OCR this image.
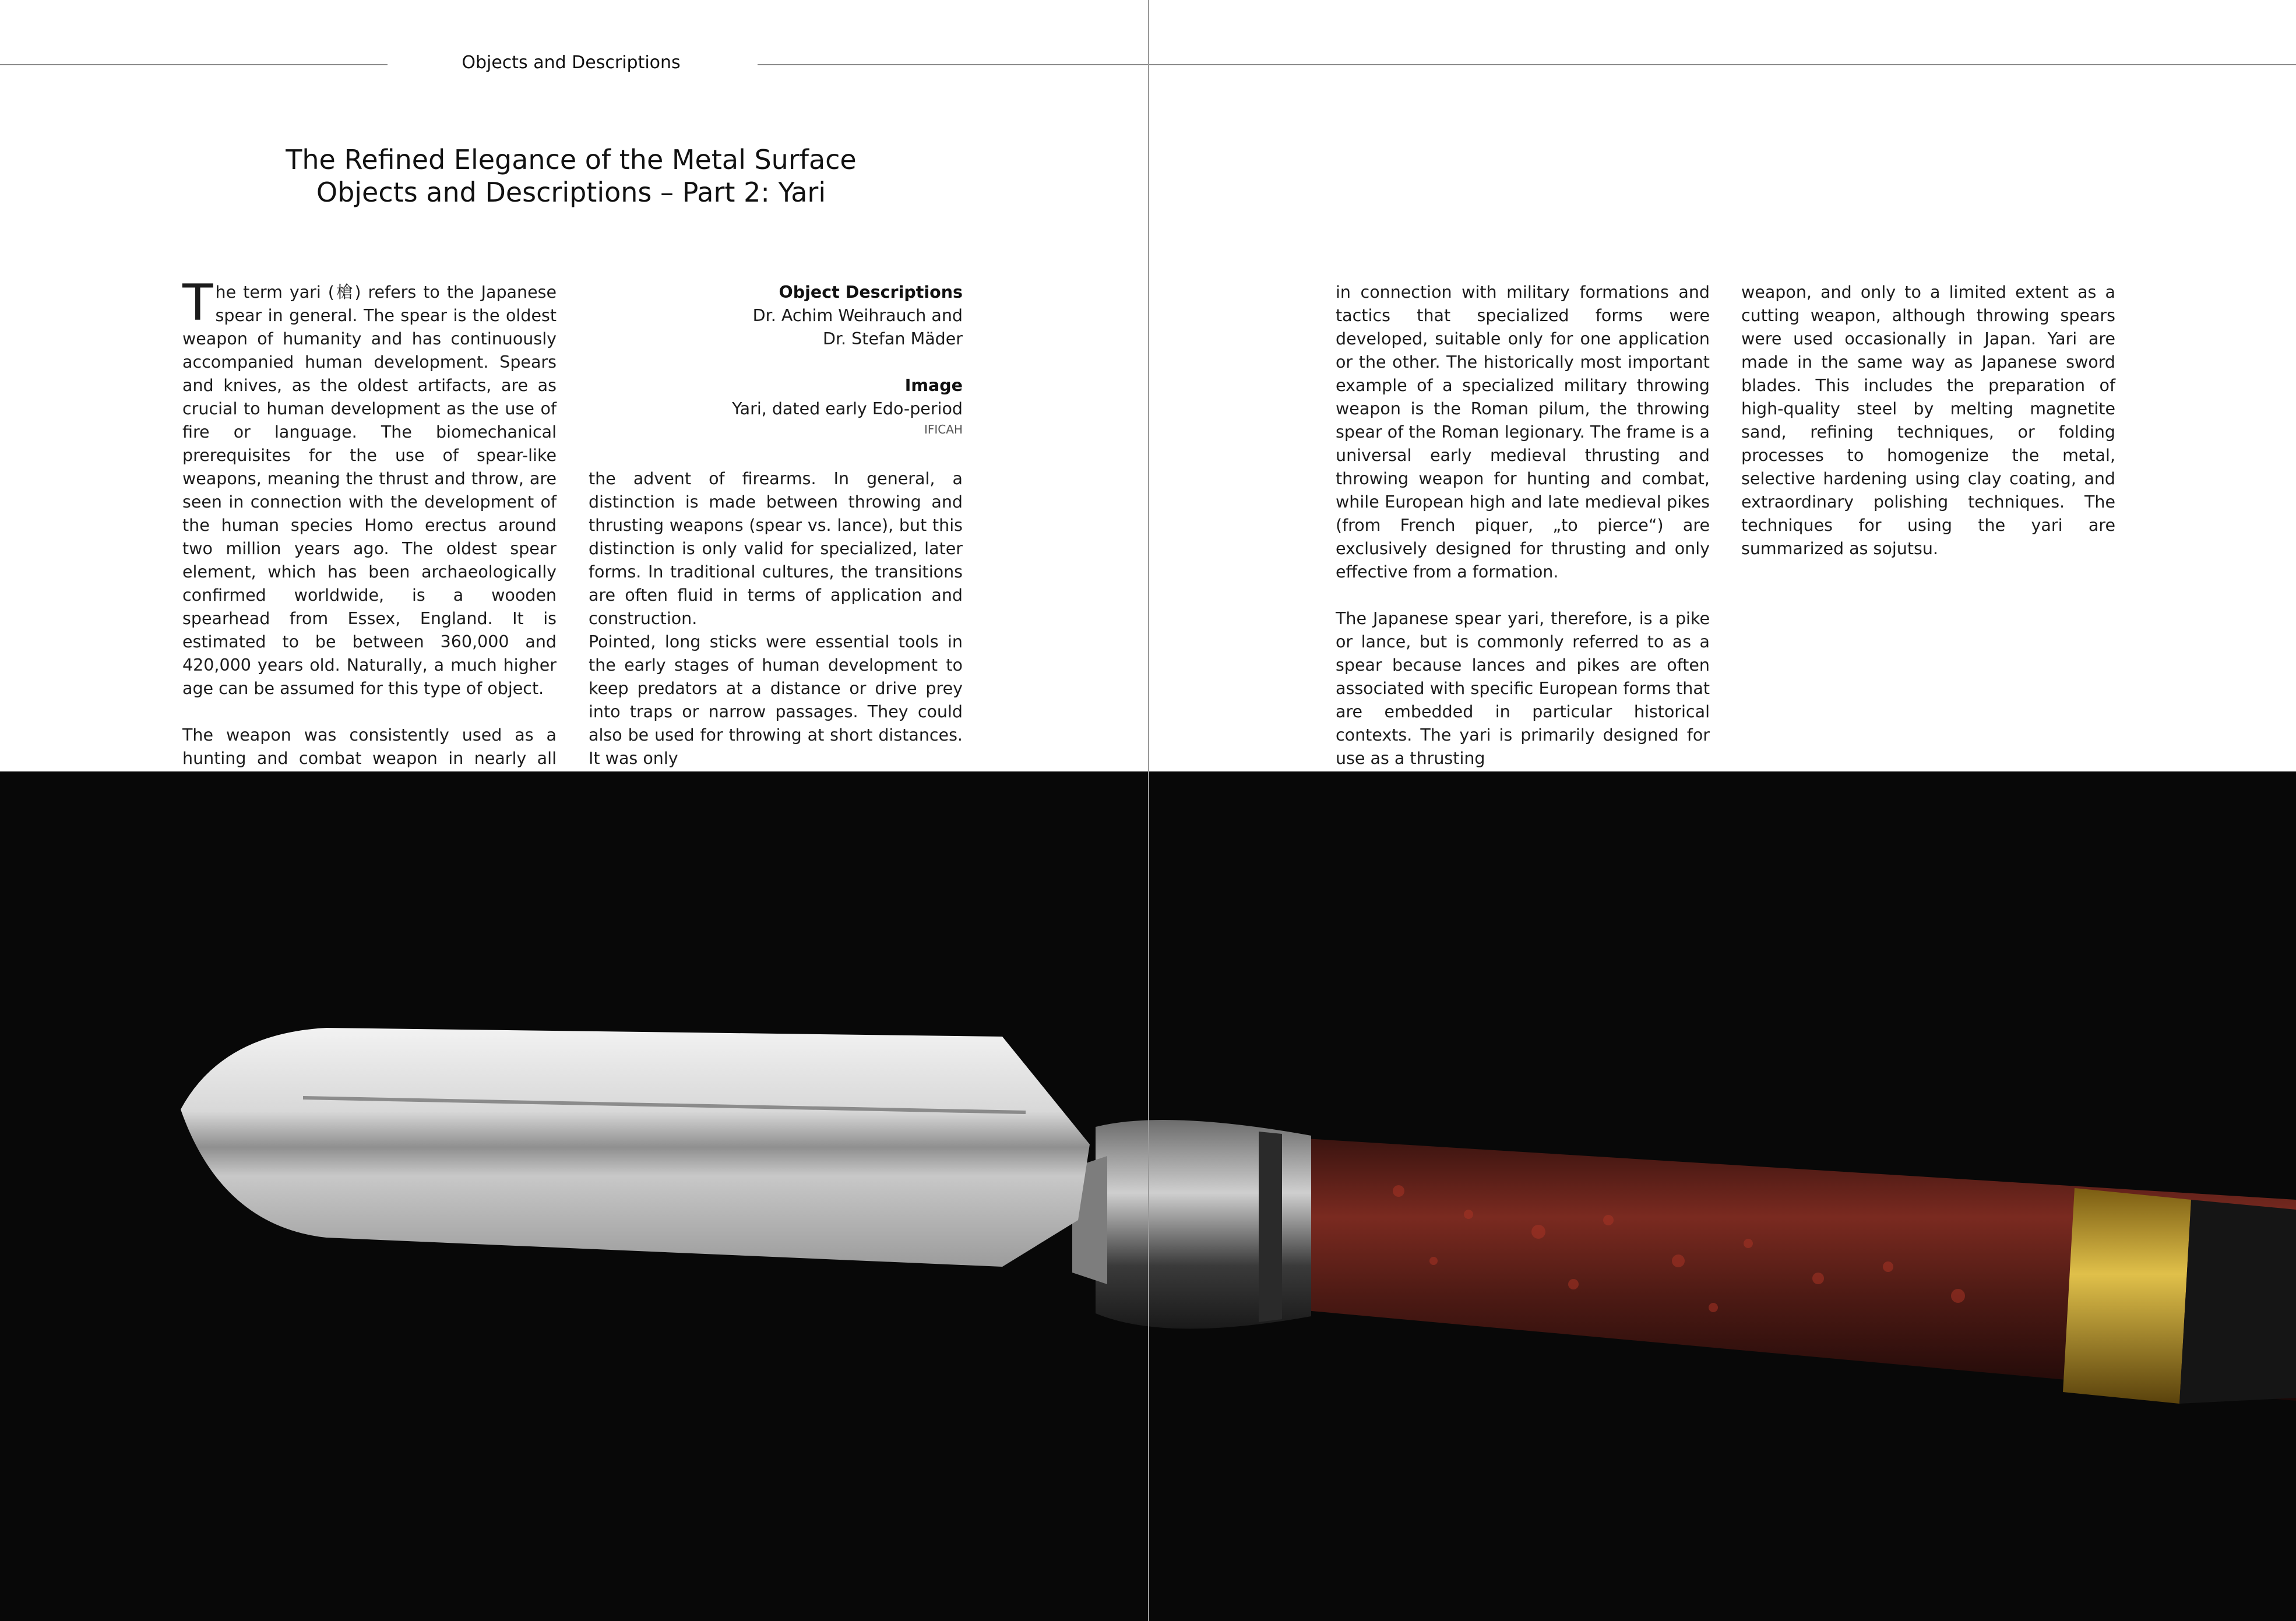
Objects and Descriptions
The Refined Elegance of the Metal Surface
Objects and Descriptions – Part 2: Yari

The term yari (槍) refers to the Japanese spear in general. The spear is the oldest weapon of humanity and has continuously accompanied human development. Spears and knives, as the oldest artifacts, are as crucial to human development as the use of fire or language. The biomechanical prerequisites for the use of spear-like weapons, meaning the thrust and throw, are seen in connection with the development of the human species Homo erectus around two million years ago. The oldest spear element, which has been archaeologically confirmed worldwide, is a wooden spearhead from Essex, England. It is estimated to be between 360,000 and 420,000 years old. Naturally, a much higher age can be assumed for this type of object.

The weapon was consistently used as a hunting and combat weapon in nearly all

Object Descriptions
Dr. Achim Weihrauch and
Dr. Stefan Mäder
Image
Yari, dated early Edo-period
IFICAH

the advent of firearms. In general, a distinction is made between throwing and thrusting weapons (spear vs. lance), but this distinction is only valid for specialized, later forms. In traditional cultures, the transitions are often fluid in terms of application and construction.

Pointed, long sticks were essential tools in the early stages of human development to keep predators at a distance or drive prey into traps or narrow passages. They could also be used for throwing at short distances. It was only

in connection with military formations and tactics that specialized forms were developed, suitable only for one application or the other. The historically most important example of a specialized military throwing weapon is the Roman pilum, the throwing spear of the Roman legionary. The frame is a universal early medieval thrusting and throwing weapon for hunting and combat, while European high and late medieval pikes (from French piquer, „to pierce“) are exclusively designed for thrusting and only effective from a formation.

The Japanese spear yari, therefore, is a pike or lance, but is commonly referred to as a spear because lances and pikes are often associated with specific European forms that are embedded in particular historical contexts. The yari is primarily designed for use as a thrusting

weapon, and only to a limited extent as a cutting weapon, although throwing spears were used occasionally in Japan. Yari are made in the same way as Japanese sword blades. This includes the preparation of high-quality steel by melting magnetite sand, refining techniques, or folding processes to homogenize the metal, selective hardening using clay coating, and extraordinary polishing techniques. The techniques for using the yari are summarized as sojutsu.
